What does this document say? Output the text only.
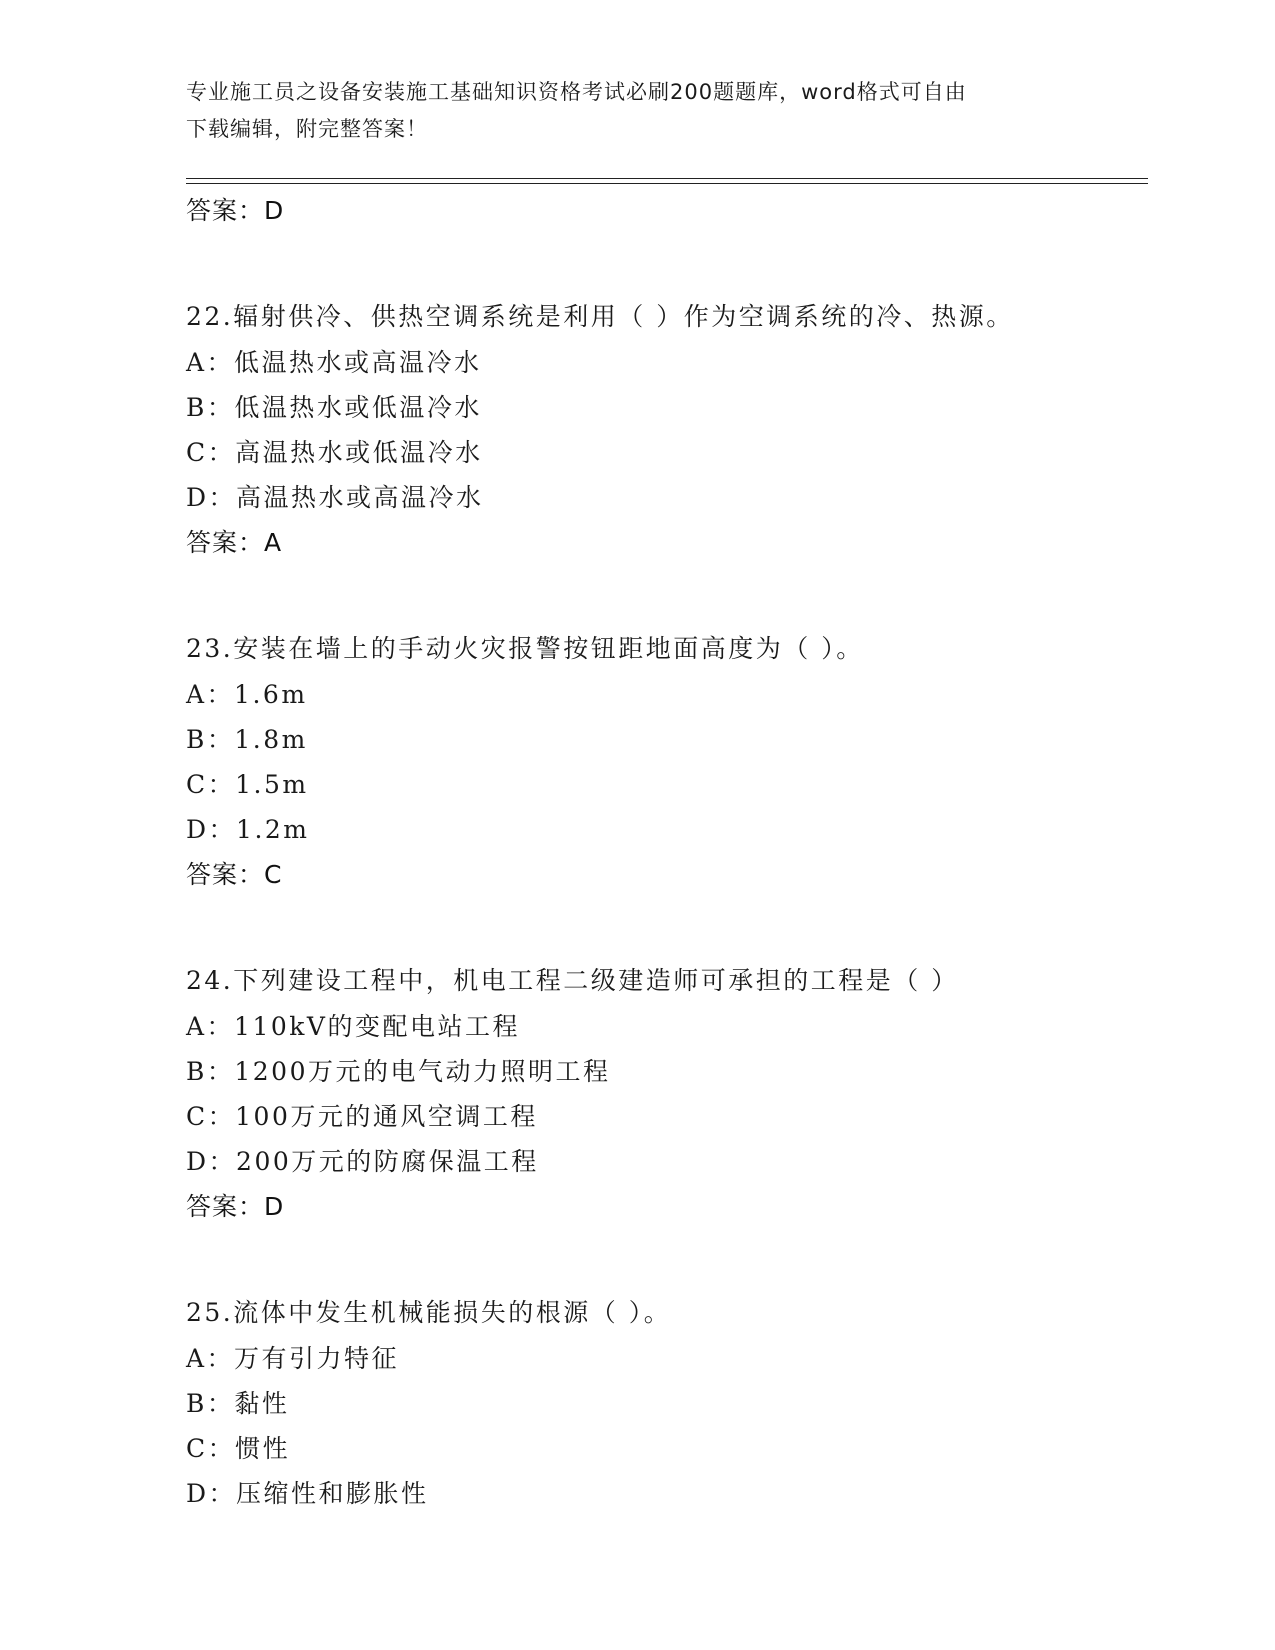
专业施工员之设备安装施工基础知识资格考试必刷200题题库，word格式可自由
下载编辑，附完整答案！
答案：D
22.辐射供冷、供热空调系统是利用（ ）作为空调系统的冷、热源。
A：低温热水或高温冷水
B：低温热水或低温冷水
C：高温热水或低温冷水
D：高温热水或高温冷水
答案：A
23.安装在墙上的手动火灾报警按钮距地面高度为（ ）。
A：1.6m
B：1.8m
C：1.5m
D：1.2m
答案：C
24.下列建设工程中，机电工程二级建造师可承担的工程是（ ）
A：110kV的变配电站工程
B：1200万元的电气动力照明工程
C：100万元的通风空调工程
D：200万元的防腐保温工程
答案：D
25.流体中发生机械能损失的根源（ ）。
A：万有引力特征
B：黏性
C：惯性
D：压缩性和膨胀性
